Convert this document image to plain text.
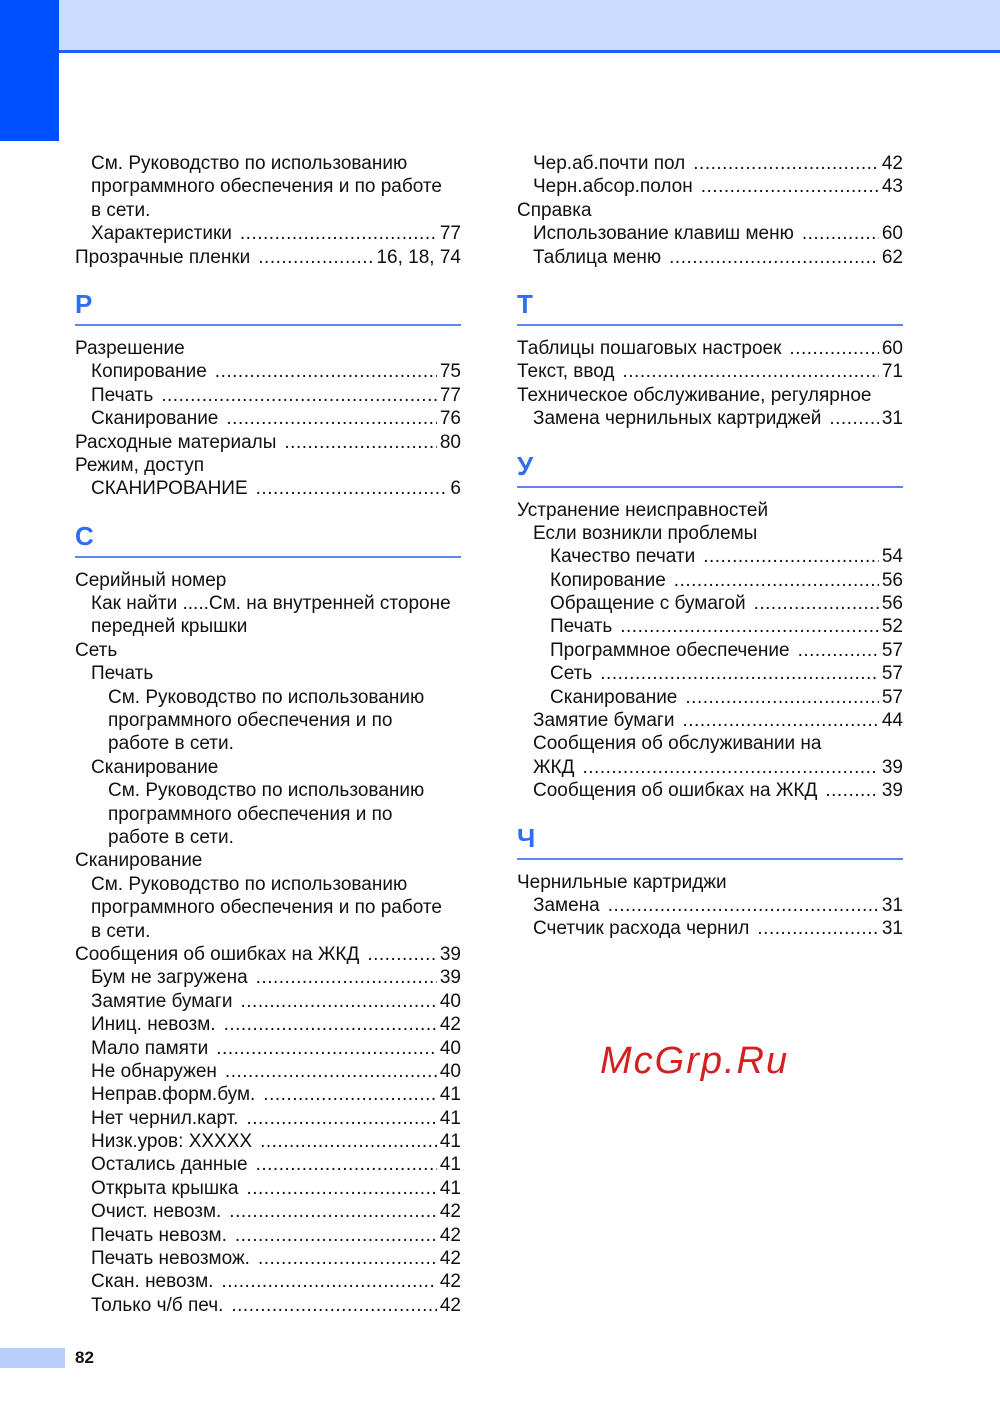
См. Руководство по использованию
программного обеспечения и по работе
в сети.
Характеристики .....	77
Прозрачные пленки .....	16, 18, 74
Р
Разрешение
Копирование .....	75
Печать .....	77
Сканирование .....	76
Расходные материалы .....	80
Режим, доступ
СКАНИРОВАНИЕ .....	6
С
Серийный номер
Как найти .....См. на внутренней стороне
передней крышки
Сеть
Печать
См. Руководство по использованию
программного обеспечения и по
работе в сети.
Сканирование
См. Руководство по использованию
программного обеспечения и по
работе в сети.
Сканирование
См. Руководство по использованию
программного обеспечения и по работе
в сети.
Сообщения об ошибках на ЖКД .....	39
Бум не загружена .....	39
Замятие бумаги .....	40
Иниц. невозм. .....	42
Мало памяти .....	40
Не обнаружен .....	40
Неправ.форм.бум. .....	41
Нет чернил.карт. .....	41
Низк.уров: XXXXX .....	41
Остались данные .....	41
Открыта крышка .....	41
Очист. невозм. .....	42
Печать невозм. .....	42
Печать невозмож. .....	42
Скан. невозм. .....	42
Только ч/б печ. .....	42
Чер.аб.почти пол .....	42
Черн.абсор.полон .....	43
Справка
Использование клавиш меню .....	60
Таблица меню .....	62
Т
Таблицы пошаговых настроек .....	60
Текст, ввод .....	71
Техническое обслуживание, регулярное
Замена чернильных картриджей .....	31
У
Устранение неисправностей
Если возникли проблемы
Качество печати .....	54
Копирование .....	56
Обращение с бумагой .....	56
Печать .....	52
Программное обеспечение .....	57
Сеть .....	57
Сканирование .....	57
Замятие бумаги .....	44
Сообщения об обслуживании на
ЖКД .....	39
Сообщения об ошибках на ЖКД .....	39
Ч
Чернильные картриджи
Замена .....	31
Счетчик расхода чернил .....	31
McGrp.Ru
82
